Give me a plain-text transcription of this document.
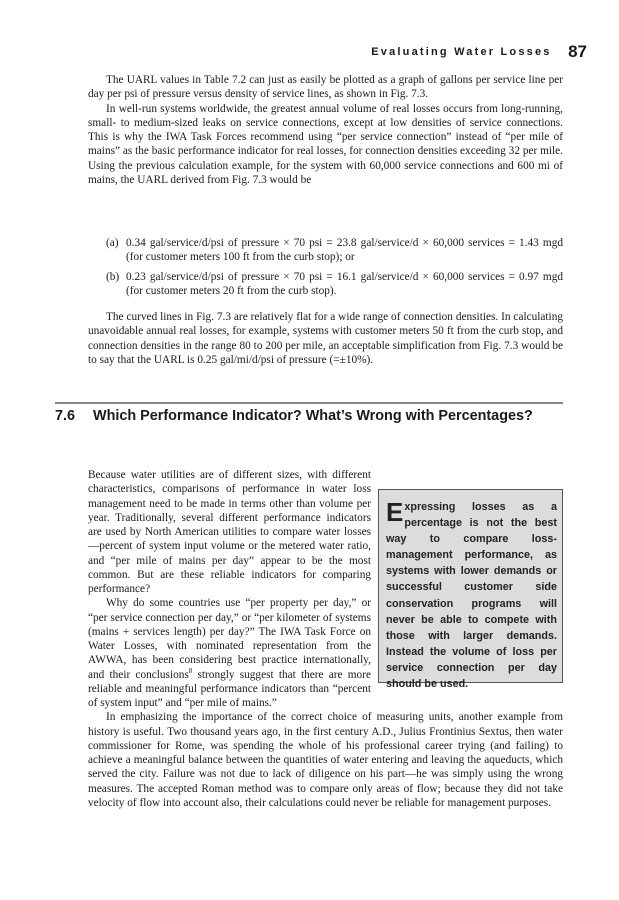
Evaluating Water Losses 87

The UARL values in Table 7.2 can just as easily be plotted as a graph of gallons per service line per day per psi of pressure versus density of service lines, as shown in Fig. 7.3.

In well-run systems worldwide, the greatest annual volume of real losses occurs from long-running, small- to medium-sized leaks on service connections, except at low densities of service connections. This is why the IWA Task Forces recommend using “per service connection” instead of “per mile of mains” as the basic performance indicator for real losses, for connection densities exceeding 32 per mile. Using the previous calculation example, for the system with 60,000 service connections and 600 mi of mains, the UARL derived from Fig. 7.3 would be

(a) 0.34 gal/service/d/psi of pressure × 70 psi = 23.8 gal/service/d × 60,000 services = 1.43 mgd (for customer meters 100 ft from the curb stop); or
(b) 0.23 gal/service/d/psi of pressure × 70 psi = 16.1 gal/service/d × 60,000 services = 0.97 mgd (for customer meters 20 ft from the curb stop).

The curved lines in Fig. 7.3 are relatively flat for a wide range of connection densities. In calculating unavoidable annual real losses, for example, systems with customer meters 50 ft from the curb stop, and connection densities in the range 80 to 200 per mile, an acceptable simplification from Fig. 7.3 would be to say that the UARL is 0.25 gal/mi/d/psi of pressure (=±10%).

7.6 Which Performance Indicator? What’s Wrong with Percentages?

Because water utilities are of different sizes, with different characteristics, comparisons of performance in water loss management need to be made in terms other than volume per year. Traditionally, several different performance indicators are used by North American utilities to compare water losses—percent of system input volume or the metered water ratio, and “per mile of mains per day” appear to be the most common. But are these reliable indicators for comparing performance?

Why do some countries use “per property per day,” or “per service connection per day,” or “per kilometer of systems (mains + services length) per day?” The IWA Task Force on Water Losses, with nominated representation from the AWWA, has been considering best practice internationally, and their conclusions$^8$ strongly suggest that there are more reliable and meaningful performance indicators than “percent of system input” and “per mile of mains.”

In emphasizing the importance of the correct choice of measuring units, another example from history is useful. Two thousand years ago, in the first century A.D., Julius Frontinius Sextus, then water commissioner for Rome, was spending the whole of his professional career trying (and failing) to achieve a meaningful balance between the quantities of water entering and leaving the aqueducts, which served the city. Failure was not due to lack of diligence on his part—he was simply using the wrong measures. The accepted Roman method was to compare only areas of flow; because they did not take velocity of flow into account also, their calculations could never be reliable for management purposes.

Expressing losses as a percentage is not the best way to compare loss-management performance, as systems with lower demands or successful customer side conservation programs will never be able to compete with those with larger demands. Instead the volume of loss per service connection per day should be used.
